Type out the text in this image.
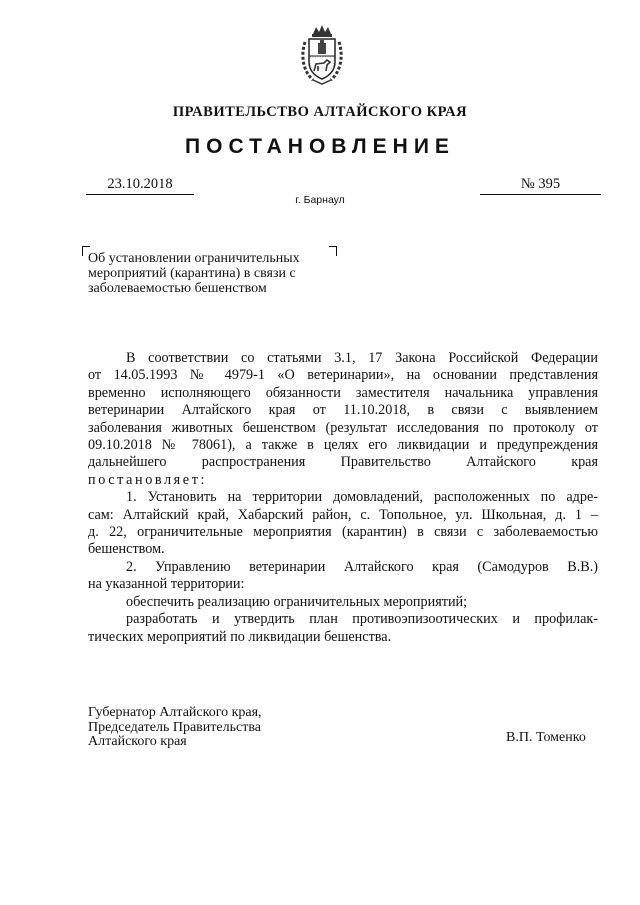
ПРАВИТЕЛЬСТВО АЛТАЙСКОГО КРАЯ
ПОСТАНОВЛЕНИЕ
23.10.2018	№ 395
г. Барнаул
Об установлении ограничительных
мероприятий (карантина) в связи с
заболеваемостью бешенством

В соответствии со статьями 3.1, 17 Закона Российской Федерации

от 14.05.1993 № 4979-1 «О ветеринарии», на основании представления

временно исполняющего обязанности заместителя начальника управления

ветеринарии Алтайского края от 11.10.2018, в связи с выявлением

заболевания животных бешенством (результат исследования по протоколу от

09.10.2018 № 78061), а также в целях его ликвидации и предупреждения

дальнейшего распространения Правительство Алтайского края

постановляет:

1. Установить на территории домовладений, расположенных по адре-

сам: Алтайский край, Хабарский район, с. Топольное, ул. Школьная, д. 1 –

д. 22, ограничительные мероприятия (карантин) в связи с заболеваемостью

бешенством.

2. Управлению ветеринарии Алтайского края (Самодуров В.В.)

на указанной территории:

обеспечить реализацию ограничительных мероприятий;

разработать и утвердить план противоэпизоотических и профилак-

тических мероприятий по ликвидации бешенства.

Губернатор Алтайского края,
Председатель Правительства
Алтайского края	В.П. Томенко
